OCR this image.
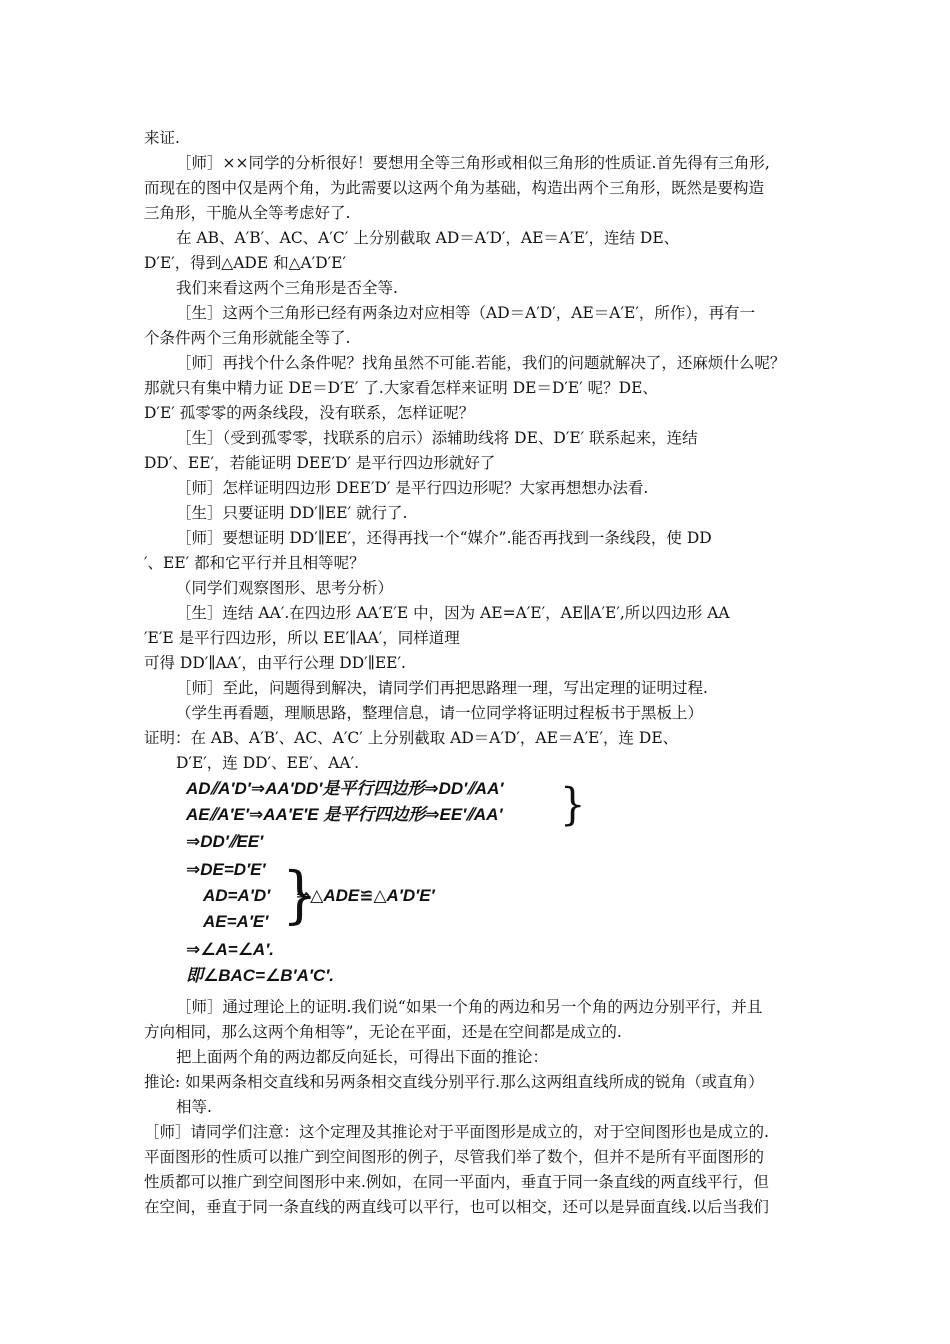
来证.
［师］××同学的分析很好！要想用全等三角形或相似三角形的性质证.首先得有三角形,
而现在的图中仅是两个角，为此需要以这两个角为基础，构造出两个三角形，既然是要构造
三角形，干脆从全等考虑好了.
在 AB、A′B′、AC、A′C′ 上分别截取 AD＝A′D′，AE＝A′E′，连结 DE、
D′E′，得到△ADE 和△A′D′E′
我们来看这两个三角形是否全等.
［生］这两个三角形已经有两条边对应相等（AD＝A′D′，AE＝A′E′，所作），再有一
个条件两个三角形就能全等了.
［师］再找个什么条件呢？找角虽然不可能.若能，我们的问题就解决了，还麻烦什么呢？
那就只有集中精力证 DE＝D′E′ 了.大家看怎样来证明 DE＝D′E′ 呢？DE、
D′E′ 孤零零的两条线段，没有联系，怎样证呢？
［生］（受到孤零零，找联系的启示）添辅助线将 DE、D′E′ 联系起来，连结
DD′、EE′，若能证明 DEE′D′ 是平行四边形就好了
［师］怎样证明四边形 DEE′D′ 是平行四边形呢？大家再想想办法看.
［生］只要证明 DD′∥EE′ 就行了.
［师］要想证明 DD′∥EE′，还得再找一个“媒介”.能否再找到一条线段，使 DD
′、EE′ 都和它平行并且相等呢？
（同学们观察图形、思考分析）
［生］连结 AA′.在四边形 AA′E′E 中，因为 AE=A′E′，AE∥A′E′,所以四边形 AA
′E′E 是平行四边形，所以 EE′∥AA′，同样道理
可得 DD′∥AA′，由平行公理 DD′∥EE′.
［师］至此，问题得到解决，请同学们再把思路理一理，写出定理的证明过程.
（学生再看题，理顺思路，整理信息，请一位同学将证明过程板书于黑板上）
证明：在 AB、A′B′、AC、A′C′ 上分别截取 AD＝A′D′，AE＝A′E′，连 DE、
D′E′，连 DD′、EE′、AA′.
AD⫽A′D′⇒AA′DD′是平行四边形⇒DD′⫽AA′
AE⫽A′E′⇒AA′E′E 是平行四边形⇒EE′⫽AA′ }
⇒DD′⫽EE′
⇒DE=D′E′
AD=A′D′
AE=A′E′ }
⇒△ADE≌△A′D′E′
⇒∠A=∠A′.
即∠BAC=∠B′A′C′.
［师］通过理论上的证明.我们说“如果一个角的两边和另一个角的两边分别平行，并且
方向相同，那么这两个角相等”，无论在平面，还是在空间都是成立的.
把上面两个角的两边都反向延长，可得出下面的推论：
推论: 如果两条相交直线和另两条相交直线分别平行.那么这两组直线所成的锐角（或直角）
相等.
［师］请同学们注意：这个定理及其推论对于平面图形是成立的，对于空间图形也是成立的.
平面图形的性质可以推广到空间图形的例子，尽管我们举了数个，但并不是所有平面图形的
性质都可以推广到空间图形中来.例如，在同一平面内，垂直于同一条直线的两直线平行，但
在空间，垂直于同一条直线的两直线可以平行，也可以相交，还可以是异面直线.以后当我们
